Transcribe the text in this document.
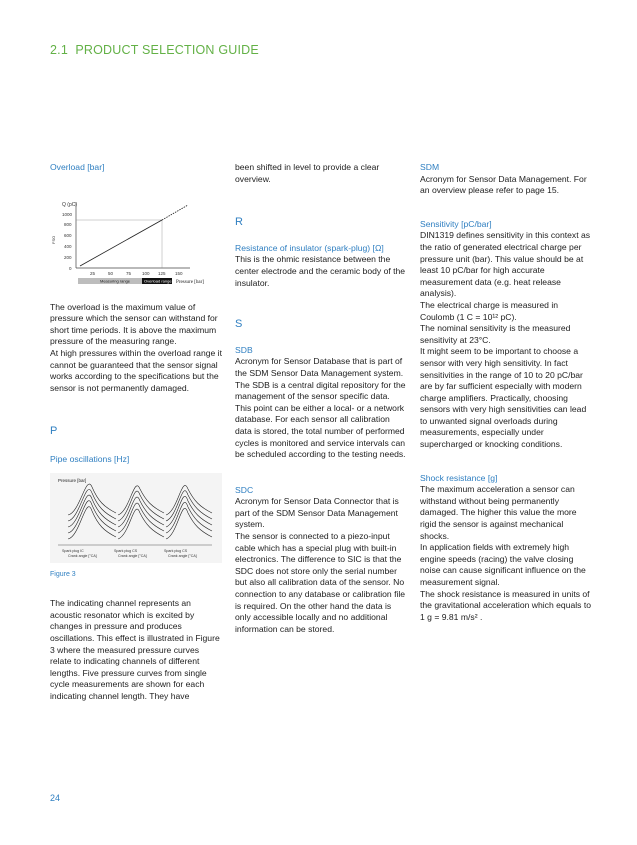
2.1 PRODUCT SELECTION GUIDE

Overload [bar]

Q (pC)
1000
800
600
400
200
0
FSO
25	50	75 100 125 150
Measuring range	Overload range Pressure [bar]

The overload is the maximum value of pressure which the sensor can withstand for short time periods. It is above the maximum pressure of the measuring range.

At high pressures within the overload range it cannot be guaranteed that the sensor signal works according to the specifications but the sensor is not permanently damaged.

P

Pipe oscillations [Hz]

Pressure [bar]
Spark plug IC
Crank angle [°CA]
Spark plug CS
Crank angle [°CA]
Spark plug CS
Crank angle [°CA]

Figure 3

The indicating channel represents an acoustic resonator which is excited by changes in pressure and produces oscillations. This effect is illustrated in Figure 3 where the measured pressure curves relate to indicating channels of different lengths. Five pressure curves from single cycle measurements are shown for each indicating channel length. They have

been shifted in level to provide a clear overview.

R

Resistance of insulator (spark-plug) [Ω]

This is the ohmic resistance between the center electrode and the ceramic body of the insulator.

S

SDB

Acronym for Sensor Database that is part of the SDM Sensor Data Management system.

The SDB is a central digital repository for the management of the sensor specific data. This point can be either a local- or a network database. For each sensor all calibration data is stored, the total number of performed cycles is monitored and service intervals can be scheduled according to the testing needs.

SDC

Acronym for Sensor Data Connector that is part of the SDM Sensor Data Management system.

The sensor is connected to a piezo-input cable which has a special plug with built-in electronics. The difference to SIC is that the SDC does not store only the serial number but also all calibration data of the sensor. No connection to any database or calibration file is required. On the other hand the data is only accessible locally and no additional information can be stored.

SDM

Acronym for Sensor Data Management. For an overview please refer to page 15.

Sensitivity [pC/bar]

DIN1319 defines sensitivity in this context as the ratio of generated electrical charge per pressure unit (bar). This value should be at least 10 pC/bar for high accurate measurement data (e.g. heat release analysis).

The electrical charge is measured in Coulomb (1 C = 10¹² pC).

The nominal sensitivity is the measured sensitivity at 23°C.

It might seem to be important to choose a sensor with very high sensitivity. In fact sensitivities in the range of 10 to 20 pC/bar are by far sufficient especially with modern charge amplifiers. Practically, choosing sensors with very high sensitivities can lead to unwanted signal overloads during measurements, especially under supercharged or knocking conditions.

Shock resistance [g]

The maximum acceleration a sensor can withstand without being permanently damaged. The higher this value the more rigid the sensor is against mechanical shocks.

In application fields with extremely high engine speeds (racing) the valve closing noise can cause significant influence on the measurement signal.

The shock resistance is measured in units of the gravitational acceleration which equals to 1 g = 9.81 m/s² .

24
